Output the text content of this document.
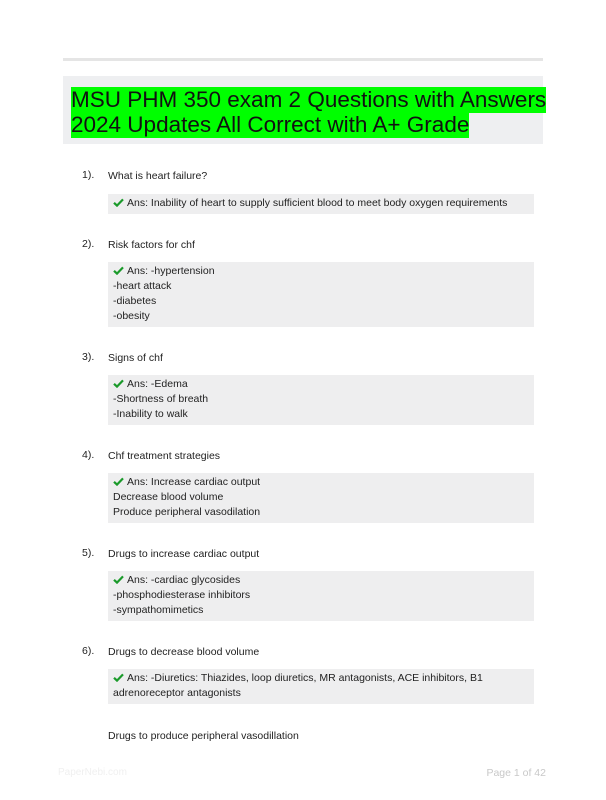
MSU PHM 350 exam 2 Questions with Answers
2024 Updates All Correct with A+ Grade
1). What is heart failure?
Ans: Inability of heart to supply sufficient blood to meet body oxygen requirements
2). Risk factors for chf
Ans: -hypertension
-heart attack
-diabetes
-obesity
3). Signs of chf
Ans: -Edema
-Shortness of breath
-Inability to walk
4). Chf treatment strategies
Ans: Increase cardiac output
Decrease blood volume
Produce peripheral vasodilation
5). Drugs to increase cardiac output
Ans: -cardiac glycosides
-phosphodiesterase inhibitors
-sympathomimetics
6). Drugs to decrease blood volume
Ans: -Diuretics: Thiazides, loop diuretics, MR antagonists, ACE inhibitors, B1
adrenoreceptor antagonists
Drugs to produce peripheral vasodillation
PaperNebi.com	Page 1 of 42
